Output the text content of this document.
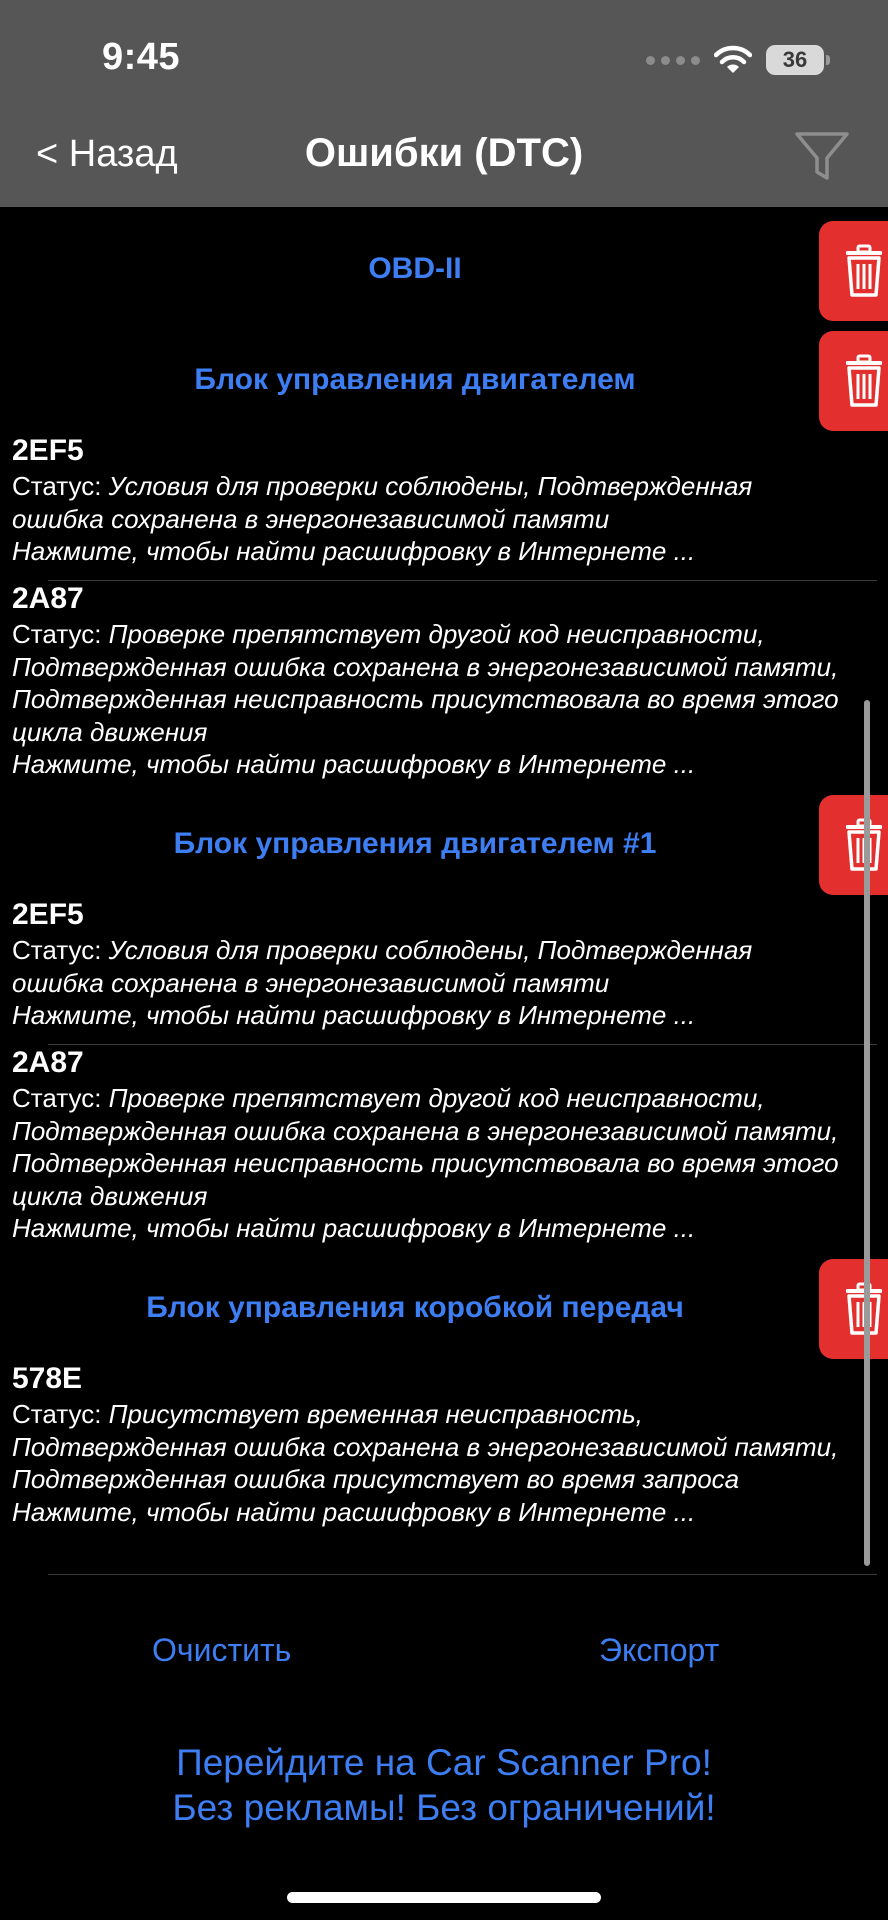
9:45	36
< Назад	Ошибки (DTC)
OBD-II
Блок управления двигателем
2EF5
Статус: Условия для проверки соблюдены, Подтвержденная ошибка сохранена в энергонезависимой памяти
Нажмите, чтобы найти расшифровку в Интернете ...
2A87
Статус: Проверке препятствует другой код неисправности, Подтвержденная ошибка сохранена в энергонезависимой памяти, Подтвержденная неисправность присутствовала во время этого цикла движения
Нажмите, чтобы найти расшифровку в Интернете ...
Блок управления двигателем #1
2EF5
Статус: Условия для проверки соблюдены, Подтвержденная ошибка сохранена в энергонезависимой памяти
Нажмите, чтобы найти расшифровку в Интернете ...
2A87
Статус: Проверке препятствует другой код неисправности, Подтвержденная ошибка сохранена в энергонезависимой памяти, Подтвержденная неисправность присутствовала во время этого цикла движения
Нажмите, чтобы найти расшифровку в Интернете ...
Блок управления коробкой передач
578E
Статус: Присутствует временная неисправность, Подтвержденная ошибка сохранена в энергонезависимой памяти, Подтвержденная ошибка присутствует во время запроса
Нажмите, чтобы найти расшифровку в Интернете ...
Очистить	Экспорт
Перейдите на Car Scanner Pro!
Без рекламы! Без ограничений!
